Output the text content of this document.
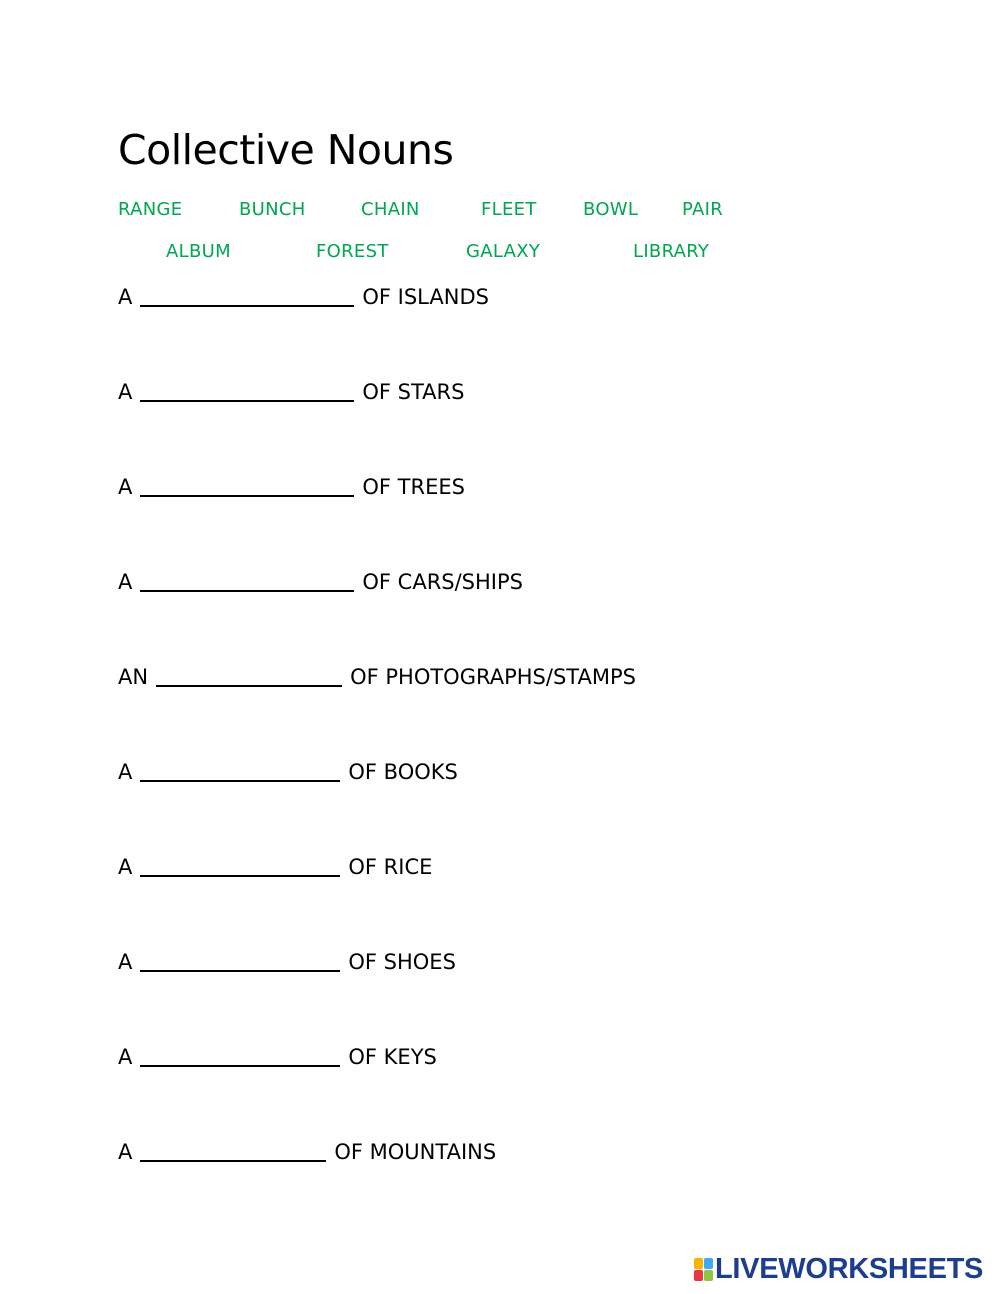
Collective Nouns
RANGE	BUNCH	CHAIN	FLEET	BOWL PAIR
ALBUM	FOREST	GALAXY	LIBRARY
A	OF ISLANDS
A	OF STARS
A	OF TREES
A	OF CARS/SHIPS
AN	OF PHOTOGRAPHS/STAMPS
A	OF BOOKS
A	OF RICE
A	OF SHOES
A	OF KEYS
A	OF MOUNTAINS
LIVEWORKSHEETS
